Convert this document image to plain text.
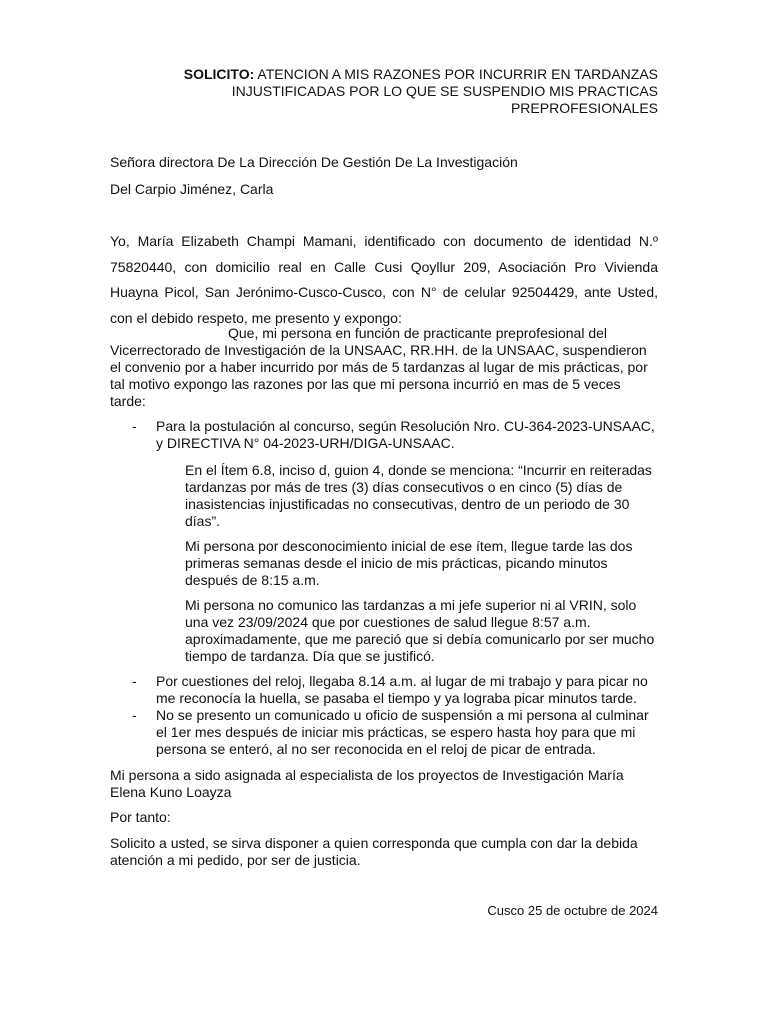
SOLICITO: ATENCION A MIS RAZONES POR INCURRIR EN TARDANZAS
INJUSTIFICADAS POR LO QUE SE SUSPENDIO MIS PRACTICAS
PREPROFESIONALES

Señora directora De La Dirección De Gestión De La Investigación

Del Carpio Jiménez, Carla

Yo, María Elizabeth Champi Mamani, identificado con documento de identidad N.º 75820440, con domicilio real en Calle Cusi Qoyllur 209, Asociación Pro Vivienda Huayna Picol, San Jerónimo-Cusco-Cusco, con N° de celular 92504429, ante Usted, con el debido respeto, me presento y expongo:

Que, mi persona en función de practicante preprofesional del Vicerrectorado de Investigación de la UNSAAC, RR.HH. de la UNSAAC, suspendieron el convenio por a haber incurrido por más de 5 tardanzas al lugar de mis prácticas, por tal motivo expongo las razones por las que mi persona incurrió en mas de 5 veces tarde:

- Para la postulación al concurso, según Resolución Nro. CU-364-2023-UNSAAC, y DIRECTIVA N° 04-2023-URH/DIGA-UNSAAC.
En el Ítem 6.8, inciso d, guion 4, donde se menciona: “Incurrir en reiteradas tardanzas por más de tres (3) días consecutivos o en cinco (5) días de inasistencias injustificadas no consecutivas, dentro de un periodo de 30 días”.
Mi persona por desconocimiento inicial de ese ítem, llegue tarde las dos primeras semanas desde el inicio de mis prácticas, picando minutos después de 8:15 a.m.
Mi persona no comunico las tardanzas a mi jefe superior ni al VRIN, solo una vez 23/09/2024 que por cuestiones de salud llegue 8:57 a.m. aproximadamente, que me pareció que si debía comunicarlo por ser mucho tiempo de tardanza. Día que se justificó.
- Por cuestiones del reloj, llegaba 8.14 a.m. al lugar de mi trabajo y para picar no me reconocía la huella, se pasaba el tiempo y ya lograba picar minutos tarde.
- No se presento un comunicado u oficio de suspensión a mi persona al culminar el 1er mes después de iniciar mis prácticas, se espero hasta hoy para que mi persona se enteró, al no ser reconocida en el reloj de picar de entrada.

Mi persona a sido asignada al especialista de los proyectos de Investigación María Elena Kuno Loayza

Por tanto:

Solicito a usted, se sirva disponer a quien corresponda que cumpla con dar la debida atención a mi pedido, por ser de justicia.

Cusco 25 de octubre de 2024
